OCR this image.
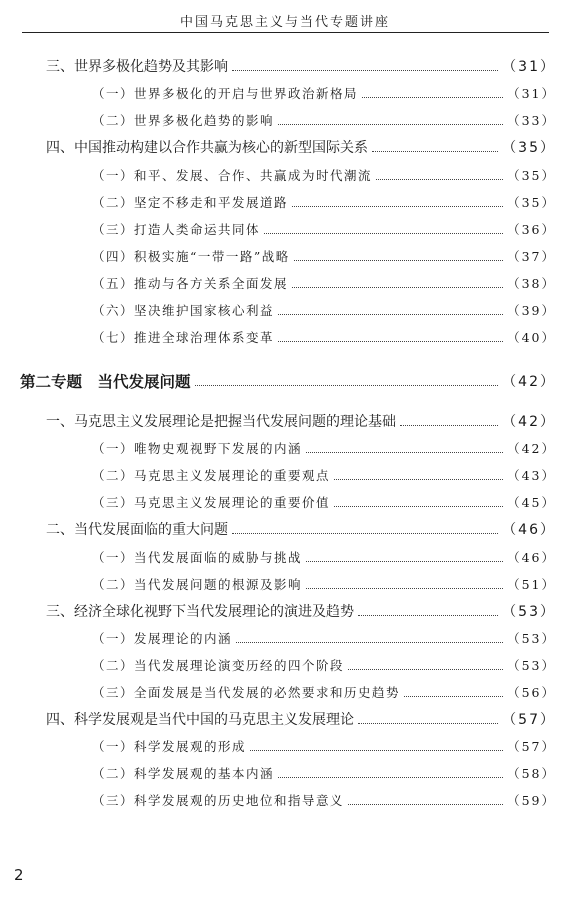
中国马克思主义与当代专题讲座
三、世界多极化趋势及其影响	（31）
（一）世界多极化的开启与世界政治新格局	（31）
（二）世界多极化趋势的影响	（33）
四、中国推动构建以合作共赢为核心的新型国际关系	（35）
（一）和平、发展、合作、共赢成为时代潮流	（35）
（二）坚定不移走和平发展道路	（35）
（三）打造人类命运共同体	（36）
（四）积极实施“一带一路”战略	（37）
（五）推动与各方关系全面发展	（38）
（六）坚决维护国家核心利益	（39）
（七）推进全球治理体系变革	（40）
第二专题　当代发展问题	（42）
一、马克思主义发展理论是把握当代发展问题的理论基础	（42）
（一）唯物史观视野下发展的内涵	（42）
（二）马克思主义发展理论的重要观点	（43）
（三）马克思主义发展理论的重要价值	（45）
二、当代发展面临的重大问题	（46）
（一）当代发展面临的威胁与挑战	（46）
（二）当代发展问题的根源及影响	（51）
三、经济全球化视野下当代发展理论的演进及趋势	（53）
（一）发展理论的内涵	（53）
（二）当代发展理论演变历经的四个阶段	（53）
（三）全面发展是当代发展的必然要求和历史趋势	（56）
四、科学发展观是当代中国的马克思主义发展理论	（57）
（一）科学发展观的形成	（57）
（二）科学发展观的基本内涵	（58）
（三）科学发展观的历史地位和指导意义	（59）
2
